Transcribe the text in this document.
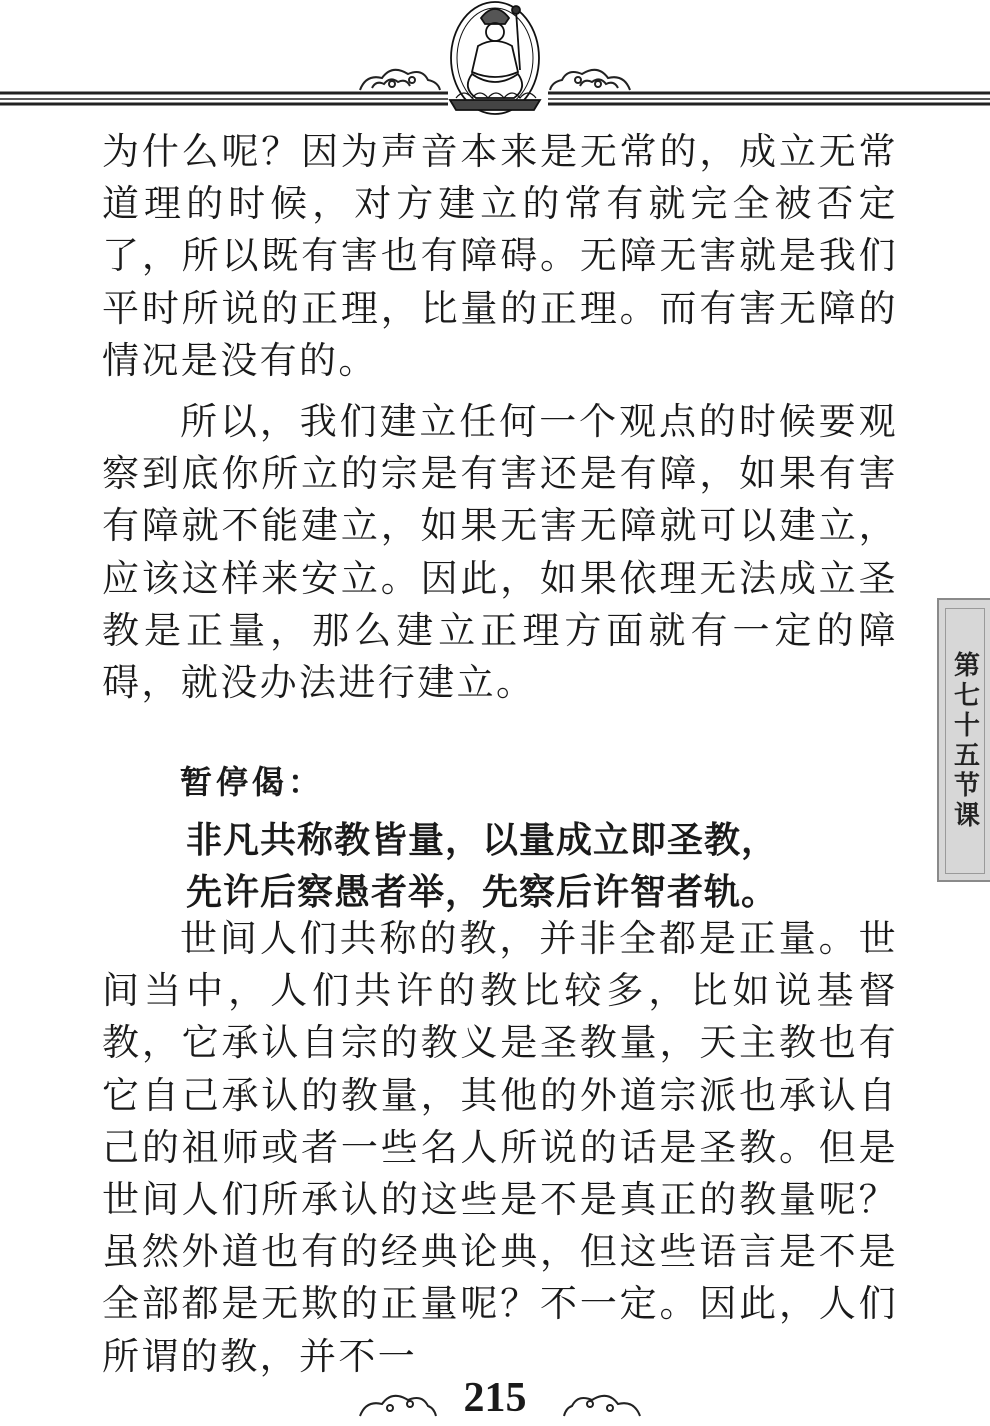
为什么呢？因为声音本来是无常的，成立无常道理的时候，对方建立的常有就完全被否定了，所以既有害也有障碍。无障无害就是我们平时所说的正理，比量的正理。而有害无障的情况是没有的。

所以，我们建立任何一个观点的时候要观察到底你所立的宗是有害还是有障，如果有害有障就不能建立，如果无害无障就可以建立，应该这样来安立。因此，如果依理无法成立圣教是正量，那么建立正理方面就有一定的障碍，就没办法进行建立。

暂停偈：
非凡共称教皆量，以量成立即圣教，
先许后察愚者举，先察后许智者轨。

世间人们共称的教，并非全都是正量。世间当中，人们共许的教比较多，比如说基督教，它承认自宗的教义是圣教量，天主教也有它自己承认的教量，其他的外道宗派也承认自己的祖师或者一些名人所说的话是圣教。但是世间人们所承认的这些是不是真正的教量呢？虽然外道也有的经典论典，但这些语言是不是全部都是无欺的正量呢？不一定。因此，人们所谓的教，并不一

第七十五节课
215
